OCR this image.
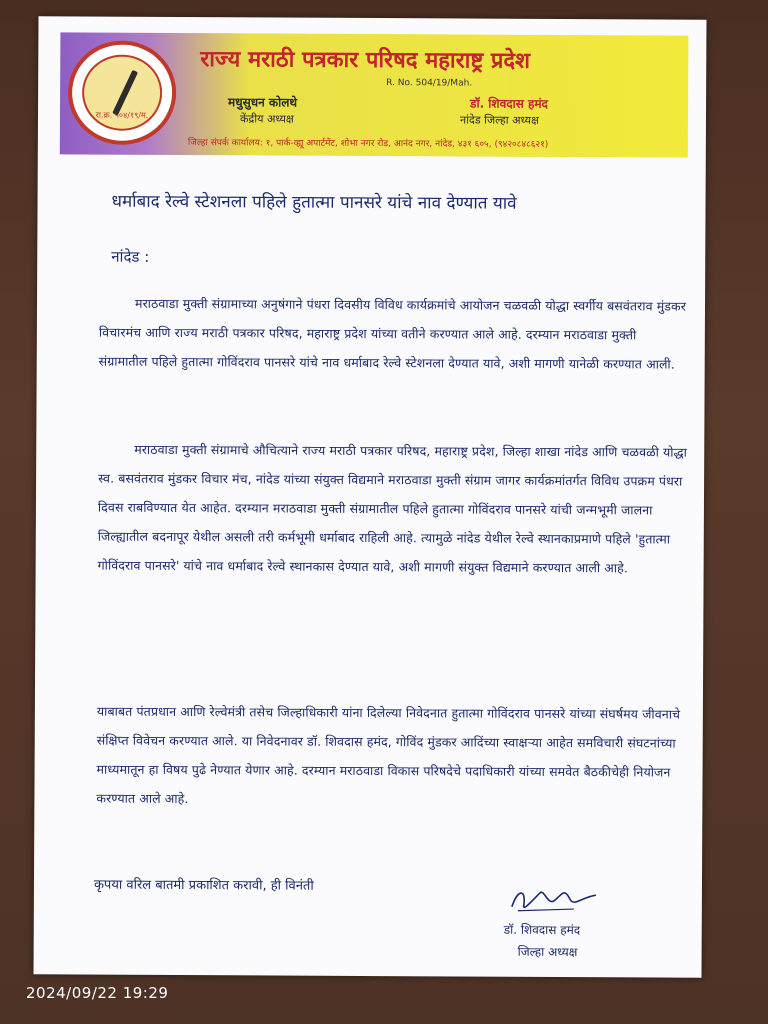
रा.क्र. ५०४/१९/म.
राज्य मराठी पत्रकार परिषद महाराष्ट्र प्रदेश
R. No. 504/19/Mah.
मधुसुधन कोलथे
केंद्रीय अध्यक्ष
डॉ. शिवदास हमंद
नांदेड जिल्हा अध्यक्ष
जिल्हा संपर्क कार्यालय: १, पार्क-व्ह्यू अपार्टमेंट, शोभा नगर रोड, आनंद नगर, नांदेड, ४३१ ६०५, (९४२०८४८६२१)
धर्माबाद रेल्वे स्टेशनला पहिले हुतात्मा पानसरे यांचे नाव देण्यात यावे
नांदेड :
मराठवाडा मुक्ती संग्रामाच्या अनुषंगाने पंधरा दिवसीय विविध कार्यक्रमांचे आयोजन चळवळी योद्धा स्वर्गीय बसवंतराव मुंडकर विचारमंच आणि राज्य मराठी पत्रकार परिषद, महाराष्ट्र प्रदेश यांच्या वतीने करण्यात आले आहे. दरम्यान मराठवाडा मुक्ती संग्रामातील पहिले हुतात्मा गोविंदराव पानसरे यांचे नाव धर्माबाद रेल्वे स्टेशनला देण्यात यावे, अशी मागणी यानेळी करण्यात आली.
मराठवाडा मुक्ती संग्रामाचे औचित्याने राज्य मराठी पत्रकार परिषद, महाराष्ट्र प्रदेश, जिल्हा शाखा नांदेड आणि चळवळी योद्धा स्व. बसवंतराव मुंडकर विचार मंच, नांदेड यांच्या संयुक्त विद्यमाने मराठवाडा मुक्ती संग्राम जागर कार्यक्रमांतर्गत विविध उपक्रम पंधरा दिवस राबविण्यात येत आहेत. दरम्यान मराठवाडा मुक्ती संग्रामातील पहिले हुतात्मा गोविंदराव पानसरे यांची जन्मभूमी जालना जिल्ह्यातील बदनापूर येथील असली तरी कर्मभूमी धर्माबाद राहिली आहे. त्यामुळे नांदेड येथील रेल्वे स्थानकाप्रमाणे पहिले 'हुतात्मा गोविंदराव पानसरे' यांचे नाव धर्माबाद रेल्वे स्थानकास देण्यात यावे, अशी मागणी संयुक्त विद्यमाने करण्यात आली आहे.
याबाबत पंतप्रधान आणि रेल्वेमंत्री तसेच जिल्हाधिकारी यांना दिलेल्या निवेदनात हुतात्मा गोविंदराव पानसरे यांच्या संघर्षमय जीवनाचे संक्षिप्त विवेचन करण्यात आले. या निवेदनावर डॉ. शिवदास हमंद, गोविंद मुंडकर आदिंच्या स्वाक्षऱ्या आहेत समविचारी संघटनांच्या माध्यमातून हा विषय पुढे नेण्यात येणार आहे. दरम्यान मराठवाडा विकास परिषदेचे पदाधिकारी यांच्या समवेत बैठकीचेही नियोजन करण्यात आले आहे.
कृपया वरिल बातमी प्रकाशित करावी, ही विनंती
डॉ. शिवदास हमंद
जिल्हा अध्यक्ष
2024/09/22 19:29
